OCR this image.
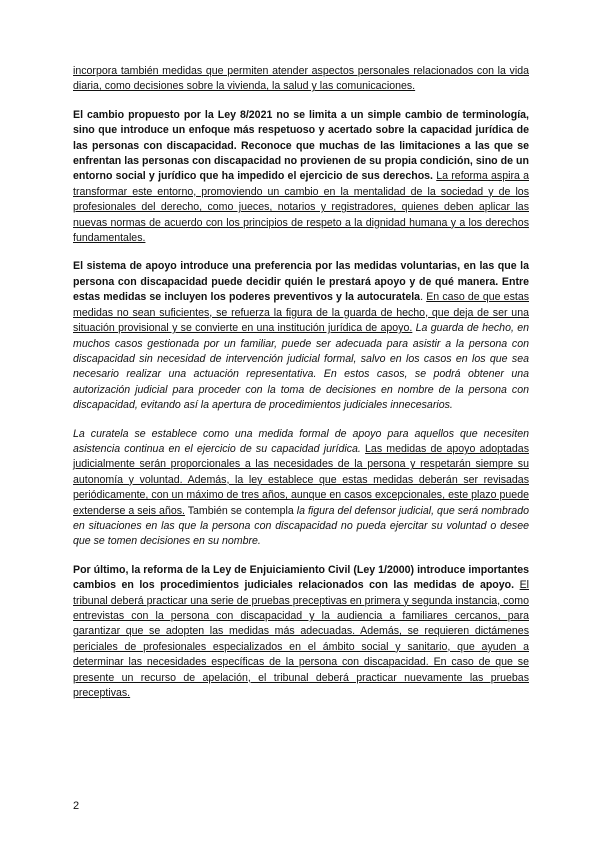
incorpora también medidas que permiten atender aspectos personales relacionados con la vida diaria, como decisiones sobre la vivienda, la salud y las comunicaciones.

El cambio propuesto por la Ley 8/2021 no se limita a un simple cambio de terminología, sino que introduce un enfoque más respetuoso y acertado sobre la capacidad jurídica de las personas con discapacidad. Reconoce que muchas de las limitaciones a las que se enfrentan las personas con discapacidad no provienen de su propia condición, sino de un entorno social y jurídico que ha impedido el ejercicio de sus derechos. La reforma aspira a transformar este entorno, promoviendo un cambio en la mentalidad de la sociedad y de los profesionales del derecho, como jueces, notarios y registradores, quienes deben aplicar las nuevas normas de acuerdo con los principios de respeto a la dignidad humana y a los derechos fundamentales.

El sistema de apoyo introduce una preferencia por las medidas voluntarias, en las que la persona con discapacidad puede decidir quién le prestará apoyo y de qué manera. Entre estas medidas se incluyen los poderes preventivos y la autocuratela. En caso de que estas medidas no sean suficientes, se refuerza la figura de la guarda de hecho, que deja de ser una situación provisional y se convierte en una institución jurídica de apoyo. La guarda de hecho, en muchos casos gestionada por un familiar, puede ser adecuada para asistir a la persona con discapacidad sin necesidad de intervención judicial formal, salvo en los casos en los que sea necesario realizar una actuación representativa. En estos casos, se podrá obtener una autorización judicial para proceder con la toma de decisiones en nombre de la persona con discapacidad, evitando así la apertura de procedimientos judiciales innecesarios.

La curatela se establece como una medida formal de apoyo para aquellos que necesiten asistencia continua en el ejercicio de su capacidad jurídica. Las medidas de apoyo adoptadas judicialmente serán proporcionales a las necesidades de la persona y respetarán siempre su autonomía y voluntad. Además, la ley establece que estas medidas deberán ser revisadas periódicamente, con un máximo de tres años, aunque en casos excepcionales, este plazo puede extenderse a seis años. También se contempla la figura del defensor judicial, que será nombrado en situaciones en las que la persona con discapacidad no pueda ejercitar su voluntad o desee que se tomen decisiones en su nombre.

Por último, la reforma de la Ley de Enjuiciamiento Civil (Ley 1/2000) introduce importantes cambios en los procedimientos judiciales relacionados con las medidas de apoyo. El tribunal deberá practicar una serie de pruebas preceptivas en primera y segunda instancia, como entrevistas con la persona con discapacidad y la audiencia a familiares cercanos, para garantizar que se adopten las medidas más adecuadas. Además, se requieren dictámenes periciales de profesionales especializados en el ámbito social y sanitario, que ayuden a determinar las necesidades específicas de la persona con discapacidad. En caso de que se presente un recurso de apelación, el tribunal deberá practicar nuevamente las pruebas preceptivas.

2
